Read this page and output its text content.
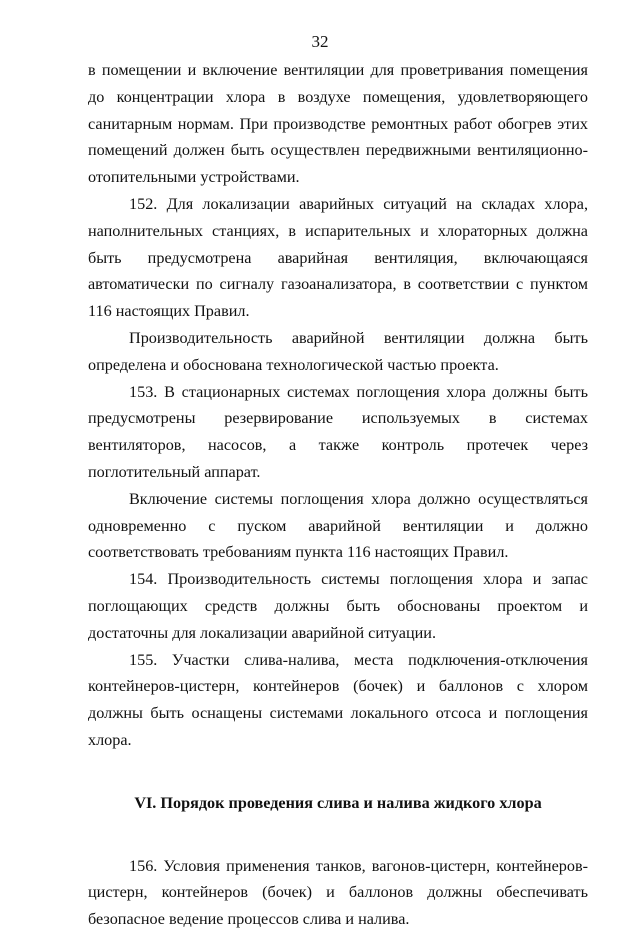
32

в помещении и включение вентиляции для проветривания помещения до концентрации хлора в воздухе помещения, удовлетворяющего санитарным нормам. При производстве ремонтных работ обогрев этих помещений должен быть осуществлен передвижными вентиляционно-отопительными устройствами.

152. Для локализации аварийных ситуаций на складах хлора, наполнительных станциях, в испарительных и хлораторных должна быть предусмотрена аварийная вентиляция, включающаяся автоматически по сигналу газоанализатора, в соответствии с пунктом 116 настоящих Правил.

Производительность аварийной вентиляции должна быть определена и обоснована технологической частью проекта.

153. В стационарных системах поглощения хлора должны быть предусмотрены резервирование используемых в системах вентиляторов, насосов, а также контроль протечек через поглотительный аппарат.

Включение системы поглощения хлора должно осуществляться одновременно с пуском аварийной вентиляции и должно соответствовать требованиям пункта 116 настоящих Правил.

154. Производительность системы поглощения хлора и запас поглощающих средств должны быть обоснованы проектом и достаточны для локализации аварийной ситуации.

155. Участки слива-налива, места подключения-отключения контейнеров-цистерн, контейнеров (бочек) и баллонов с хлором должны быть оснащены системами локального отсоса и поглощения хлора.

VI. Порядок проведения слива и налива жидкого хлора

156. Условия применения танков, вагонов-цистерн, контейнеров-цистерн, контейнеров (бочек) и баллонов должны обеспечивать безопасное ведение процессов слива и налива.
